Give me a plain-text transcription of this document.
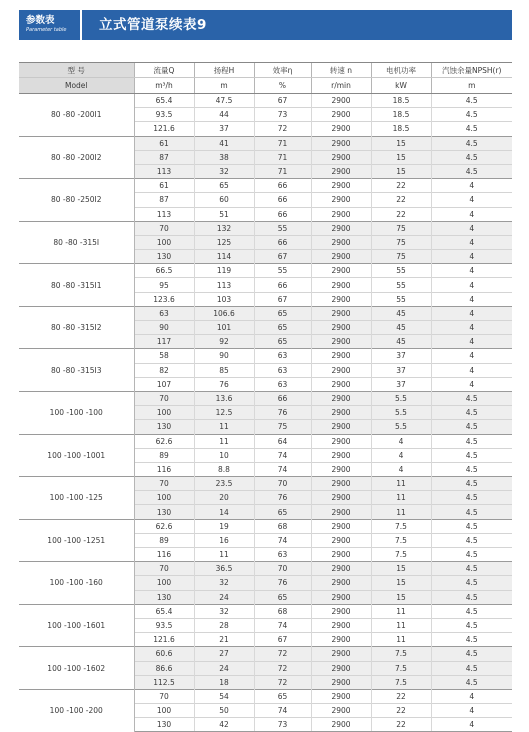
参数表
Parameter table	立式管道泵续表9
型 号	流量Q	扬程H	效率η	转速 n	电机功率	汽蚀余量NPSH(r)
Model	m³/h	m	%	r/min	kW	m
80 -80 -200I1	65.4	47.5	67	2900	18.5	4.5
	93.5	44	73	2900	18.5	4.5
	121.6	37	72	2900	18.5	4.5
80 -80 -200I2	61	41	71	2900	15	4.5
	87	38	71	2900	15	4.5
	113	32	71	2900	15	4.5
80 -80 -250I2	61	65	66	2900	22	4
	87	60	66	2900	22	4
	113	51	66	2900	22	4
80 -80 -315I	70	132	55	2900	75	4
	100	125	66	2900	75	4
	130	114	67	2900	75	4
80 -80 -315I1	66.5	119	55	2900	55	4
	95	113	66	2900	55	4
	123.6	103	67	2900	55	4
80 -80 -315I2	63	106.6	65	2900	45	4
	90	101	65	2900	45	4
	117	92	65	2900	45	4
80 -80 -315I3	58	90	63	2900	37	4
	82	85	63	2900	37	4
	107	76	63	2900	37	4
100 -100 -100	70	13.6	66	2900	5.5	4.5
	100	12.5	76	2900	5.5	4.5
	130	11	75	2900	5.5	4.5
100 -100 -1001	62.6	11	64	2900	4	4.5
	89	10	74	2900	4	4.5
	116	8.8	74	2900	4	4.5
100 -100 -125	70	23.5	70	2900	11	4.5
	100	20	76	2900	11	4.5
	130	14	65	2900	11	4.5
100 -100 -1251	62.6	19	68	2900	7.5	4.5
	89	16	74	2900	7.5	4.5
	116	11	63	2900	7.5	4.5
100 -100 -160	70	36.5	70	2900	15	4.5
	100	32	76	2900	15	4.5
	130	24	65	2900	15	4.5
100 -100 -1601	65.4	32	68	2900	11	4.5
	93.5	28	74	2900	11	4.5
	121.6	21	67	2900	11	4.5
100 -100 -1602	60.6	27	72	2900	7.5	4.5
	86.6	24	72	2900	7.5	4.5
	112.5	18	72	2900	7.5	4.5
100 -100 -200	70	54	65	2900	22	4
	100	50	74	2900	22	4
	130	42	73	2900	22	4
